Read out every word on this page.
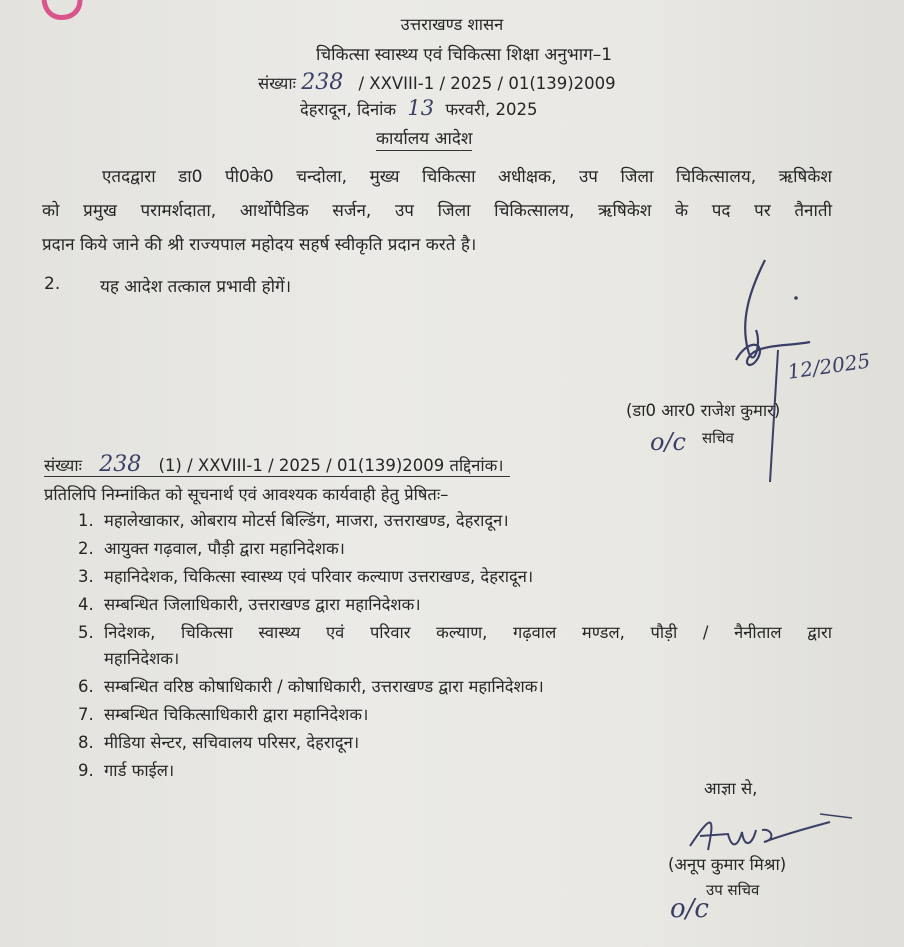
उत्तराखण्ड शासन
चिकित्सा स्वास्थ्य एवं चिकित्सा शिक्षा अनुभाग–1
संख्याः 238 / XXVIII-1 / 2025 / 01(139)2009
देहरादून, दिनांक 13 फरवरी, 2025
कार्यालय आदेश
एतदद्वारा डा0 पी0के0 चन्दोला, मुख्य चिकित्सा अधीक्षक, उप जिला चिकित्सालय, ऋषिकेश
को प्रमुख परामर्शदाता, आर्थोपैडिक सर्जन, उप जिला चिकित्सालय, ऋषिकेश के पद पर तैनाती
प्रदान किये जाने की श्री राज्यपाल महोदय सहर्ष स्वीकृति प्रदान करते है।
2. यह आदेश तत्काल प्रभावी होगें।
12/2025
(डा0 आर0 राजेश कुमार)
o/c सचिव
संख्याः 238 (1) / XXVIII-1 / 2025 / 01(139)2009 तद्दिनांक।
प्रतिलिपि निम्नांकित को सूचनार्थ एवं आवश्यक कार्यवाही हेतु प्रेषितः–
1. महालेखाकार, ओबराय मोटर्स बिल्डिंग, माजरा, उत्तराखण्ड, देहरादून।
2. आयुक्त गढ़वाल, पौड़ी द्वारा महानिदेशक।
3. महानिदेशक, चिकित्सा स्वास्थ्य एवं परिवार कल्याण उत्तराखण्ड, देहरादून।
4. सम्बन्धित जिलाधिकारी, उत्तराखण्ड द्वारा महानिदेशक।
5. निदेशक, चिकित्सा स्वास्थ्य एवं परिवार कल्याण, गढ़वाल मण्डल, पौड़ी / नैनीताल द्वारा
महानिदेशक।
6. सम्बन्धित वरिष्ठ कोषाधिकारी / कोषाधिकारी, उत्तराखण्ड द्वारा महानिदेशक।
7. सम्बन्धित चिकित्साधिकारी द्वारा महानिदेशक।
8. मीडिया सेन्टर, सचिवालय परिसर, देहरादून।
9. गार्ड फाईल।
आज्ञा से,
(अनूप कुमार मिश्रा)
उप सचिव
o/c
